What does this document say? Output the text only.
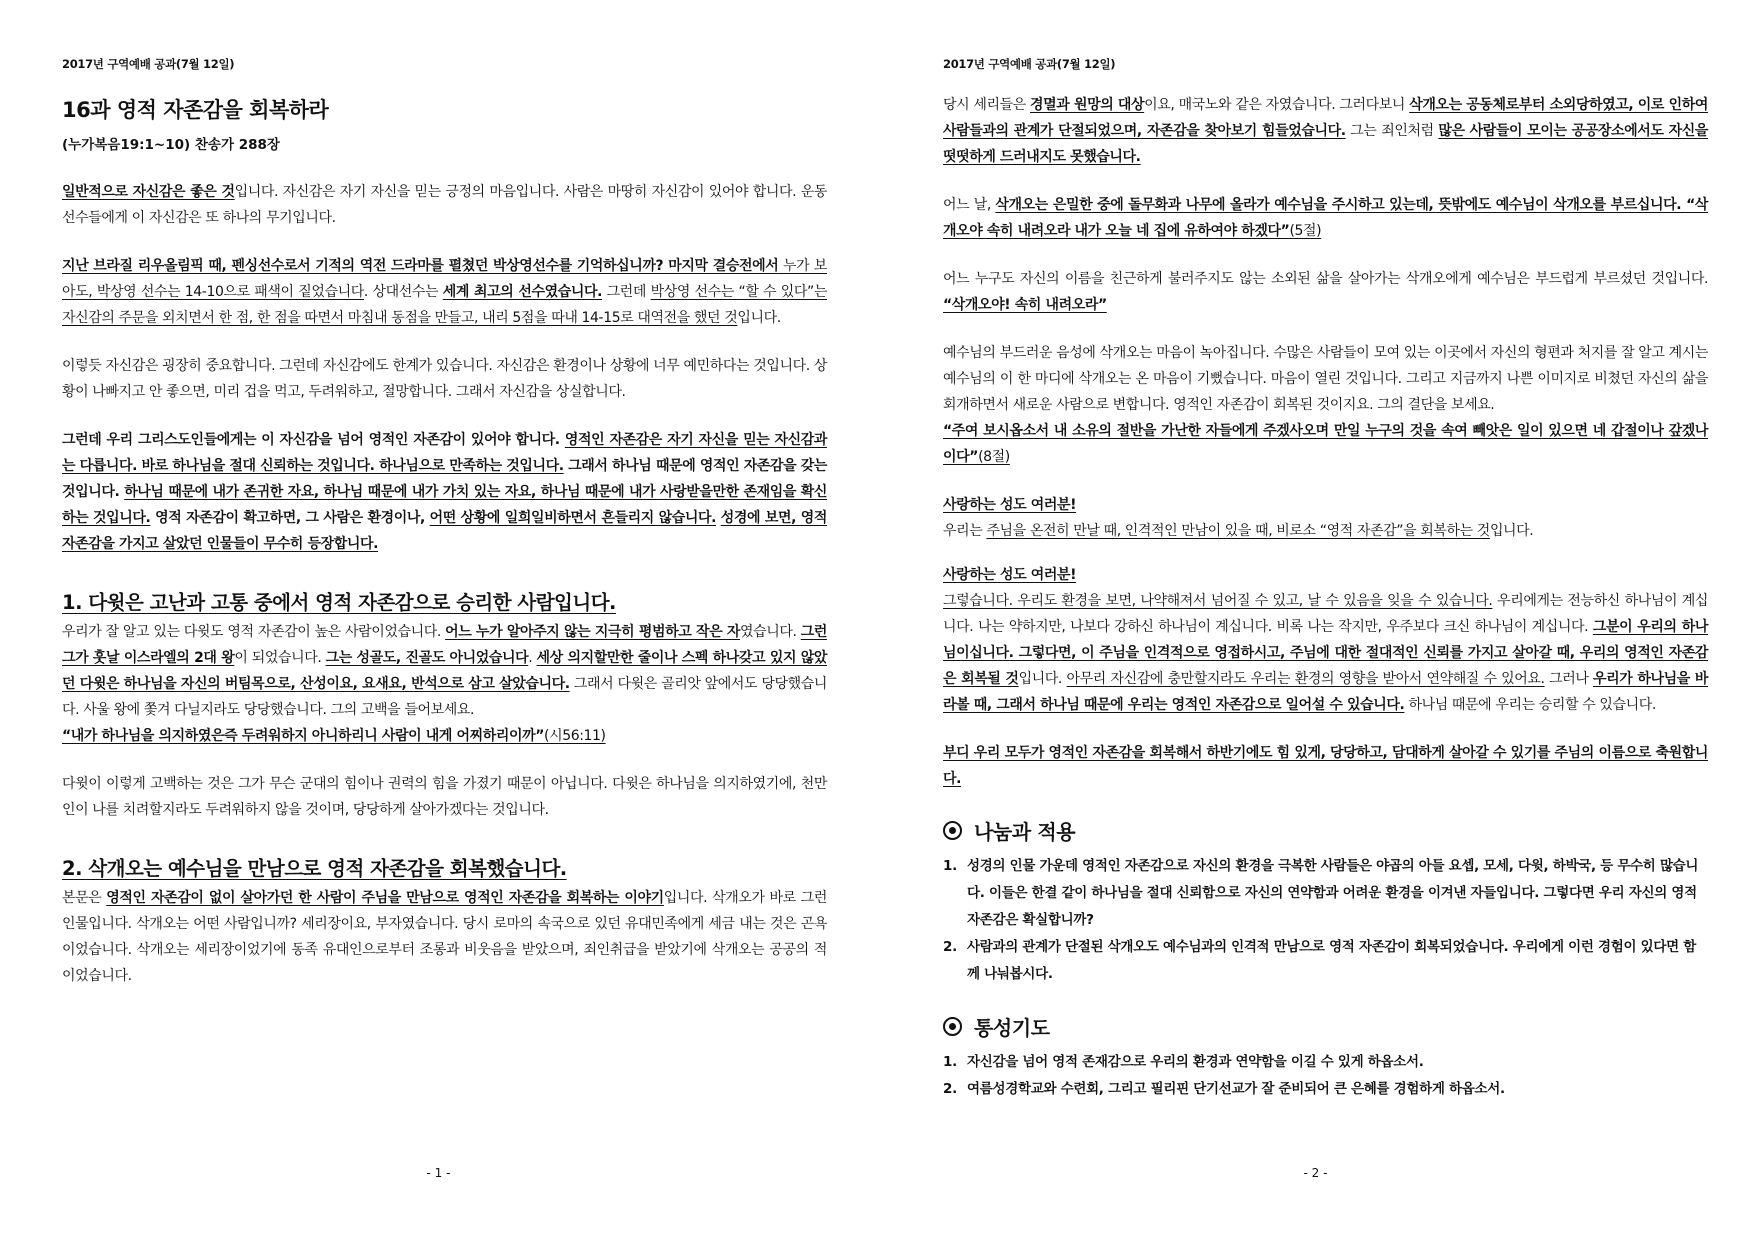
2017년 구역예배 공과(7월 12일)
16과 영적 자존감을 회복하라
(누가복음19:1~10) 찬송가 288장

일반적으로 자신감은 좋은 것입니다. 자신감은 자기 자신을 믿는 긍정의 마음입니다. 사람은 마땅히 자신감이 있어야 합니다. 운동선수들에게 이 자신감은 또 하나의 무기입니다.

지난 브라질 리우올림픽 때, 펜싱선수로서 기적의 역전 드라마를 펼쳤던 박상영선수를 기억하십니까? 마지막 결승전에서 누가 보아도, 박상영 선수는 14-10으로 패색이 짙었습니다. 상대선수는 세계 최고의 선수였습니다. 그런데 박상영 선수는 “할 수 있다”는 자신감의 주문을 외치면서 한 점, 한 점을 따면서 마침내 동점을 만들고, 내리 5점을 따내 14-15로 대역전을 했던 것입니다.

이렇듯 자신감은 굉장히 중요합니다. 그런데 자신감에도 한계가 있습니다. 자신감은 환경이나 상황에 너무 예민하다는 것입니다. 상황이 나빠지고 안 좋으면, 미리 겁을 먹고, 두려워하고, 절망합니다. 그래서 자신감을 상실합니다.

그런데 우리 그리스도인들에게는 이 자신감을 넘어 영적인 자존감이 있어야 합니다. 영적인 자존감은 자기 자신을 믿는 자신감과는 다릅니다. 바로 하나님을 절대 신뢰하는 것입니다. 하나님으로 만족하는 것입니다. 그래서 하나님 때문에 영적인 자존감을 갖는 것입니다. 하나님 때문에 내가 존귀한 자요, 하나님 때문에 내가 가치 있는 자요, 하나님 때문에 내가 사랑받을만한 존재임을 확신하는 것입니다. 영적 자존감이 확고하면, 그 사람은 환경이나, 어떤 상황에 일희일비하면서 흔들리지 않습니다. 성경에 보면, 영적 자존감을 가지고 살았던 인물들이 무수히 등장합니다.

1. 다윗은 고난과 고통 중에서 영적 자존감으로 승리한 사람입니다.

우리가 잘 알고 있는 다윗도 영적 자존감이 높은 사람이었습니다. 어느 누가 알아주지 않는 지극히 평범하고 작은 자였습니다. 그런 그가 훗날 이스라엘의 2대 왕이 되었습니다. 그는 성골도, 진골도 아니었습니다. 세상 의지할만한 줄이나 스펙 하나갖고 있지 않았던 다윗은 하나님을 자신의 버팀목으로, 산성이요, 요새요, 반석으로 삼고 살았습니다. 그래서 다윗은 골리앗 앞에서도 당당했습니다. 사울 왕에 쫓겨 다닐지라도 당당했습니다. 그의 고백을 들어보세요.
“내가 하나님을 의지하였은즉 두려워하지 아니하리니 사람이 내게 어찌하리이까”(시56:11)

다윗이 이렇게 고백하는 것은 그가 무슨 군대의 힘이나 권력의 힘을 가졌기 때문이 아닙니다. 다윗은 하나님을 의지하였기에, 천만인이 나를 치려할지라도 두려워하지 않을 것이며, 당당하게 살아가겠다는 것입니다.

2. 삭개오는 예수님을 만남으로 영적 자존감을 회복했습니다.

본문은 영적인 자존감이 없이 살아가던 한 사람이 주님을 만남으로 영적인 자존감을 회복하는 이야기입니다. 삭개오가 바로 그런 인물입니다. 삭개오는 어떤 사람입니까? 세리장이요, 부자였습니다. 당시 로마의 속국으로 있던 유대민족에게 세금 내는 것은 곤욕이었습니다. 삭개오는 세리장이었기에 동족 유대인으로부터 조롱과 비웃음을 받았으며, 죄인취급을 받았기에 삭개오는 공공의 적이었습니다.

- 1 -
2017년 구역예배 공과(7월 12일)

당시 세리들은 경멸과 원망의 대상이요, 매국노와 같은 자였습니다. 그러다보니 삭개오는 공동체로부터 소외당하였고, 이로 인하여 사람들과의 관계가 단절되었으며, 자존감을 찾아보기 힘들었습니다. 그는 죄인처럼 많은 사람들이 모이는 공공장소에서도 자신을 떳떳하게 드러내지도 못했습니다.

어느 날, 삭개오는 은밀한 중에 돌무화과 나무에 올라가 예수님을 주시하고 있는데, 뜻밖에도 예수님이 삭개오를 부르십니다. “삭개오야 속히 내려오라 내가 오늘 네 집에 유하여야 하겠다”(5절)

어느 누구도 자신의 이름을 친근하게 불러주지도 않는 소외된 삶을 살아가는 삭개오에게 예수님은 부드럽게 부르셨던 것입니다. “삭개오야! 속히 내려오라”

예수님의 부드러운 음성에 삭개오는 마음이 녹아집니다. 수많은 사람들이 모여 있는 이곳에서 자신의 형편과 처지를 잘 알고 계시는 예수님의 이 한 마디에 삭개오는 온 마음이 기뻤습니다. 마음이 열린 것입니다. 그리고 지금까지 나쁜 이미지로 비쳤던 자신의 삶을 회개하면서 새로운 사람으로 변합니다. 영적인 자존감이 회복된 것이지요. 그의 결단을 보세요.
“주여 보시옵소서 내 소유의 절반을 가난한 자들에게 주겠사오며 만일 누구의 것을 속여 빼앗은 일이 있으면 네 갑절이나 갚겠나이다”(8절)

사랑하는 성도 여러분!
우리는 주님을 온전히 만날 때, 인격적인 만남이 있을 때, 비로소 “영적 자존감”을 회복하는 것입니다.

사랑하는 성도 여러분!
그렇습니다. 우리도 환경을 보면, 나약해져서 넘어질 수 있고, 날 수 있음을 잊을 수 있습니다. 우리에게는 전능하신 하나님이 계십니다. 나는 약하지만, 나보다 강하신 하나님이 계십니다. 비록 나는 작지만, 우주보다 크신 하나님이 계십니다. 그분이 우리의 하나님이십니다. 그렇다면, 이 주님을 인격적으로 영접하시고, 주님에 대한 절대적인 신뢰를 가지고 살아갈 때, 우리의 영적인 자존감은 회복될 것입니다. 아무리 자신감에 충만할지라도 우리는 환경의 영향을 받아서 연약해질 수 있어요. 그러나 우리가 하나님을 바라볼 때, 그래서 하나님 때문에 우리는 영적인 자존감으로 일어설 수 있습니다. 하나님 때문에 우리는 승리할 수 있습니다.

부디 우리 모두가 영적인 자존감을 회복해서 하반기에도 힘 있게, 당당하고, 담대하게 살아갈 수 있기를 주님의 이름으로 축원합니다.

나눔과 적용
1. 성경의 인물 가운데 영적인 자존감으로 자신의 환경을 극복한 사람들은 야곱의 아들 요셉, 모세, 다윗, 하박국, 등 무수히 많습니다. 이들은 한결 같이 하나님을 절대 신뢰함으로 자신의 연약함과 어려운 환경을 이겨낸 자들입니다. 그렇다면 우리 자신의 영적 자존감은 확실합니까?
2. 사람과의 관계가 단절된 삭개오도 예수님과의 인격적 만남으로 영적 자존감이 회복되었습니다. 우리에게 이런 경험이 있다면 함께 나눠봅시다.
통성기도
1. 자신감을 넘어 영적 존재감으로 우리의 환경과 연약함을 이길 수 있게 하옵소서.
2. 여름성경학교와 수련회, 그리고 필리핀 단기선교가 잘 준비되어 큰 은혜를 경험하게 하옵소서.
- 2 -
